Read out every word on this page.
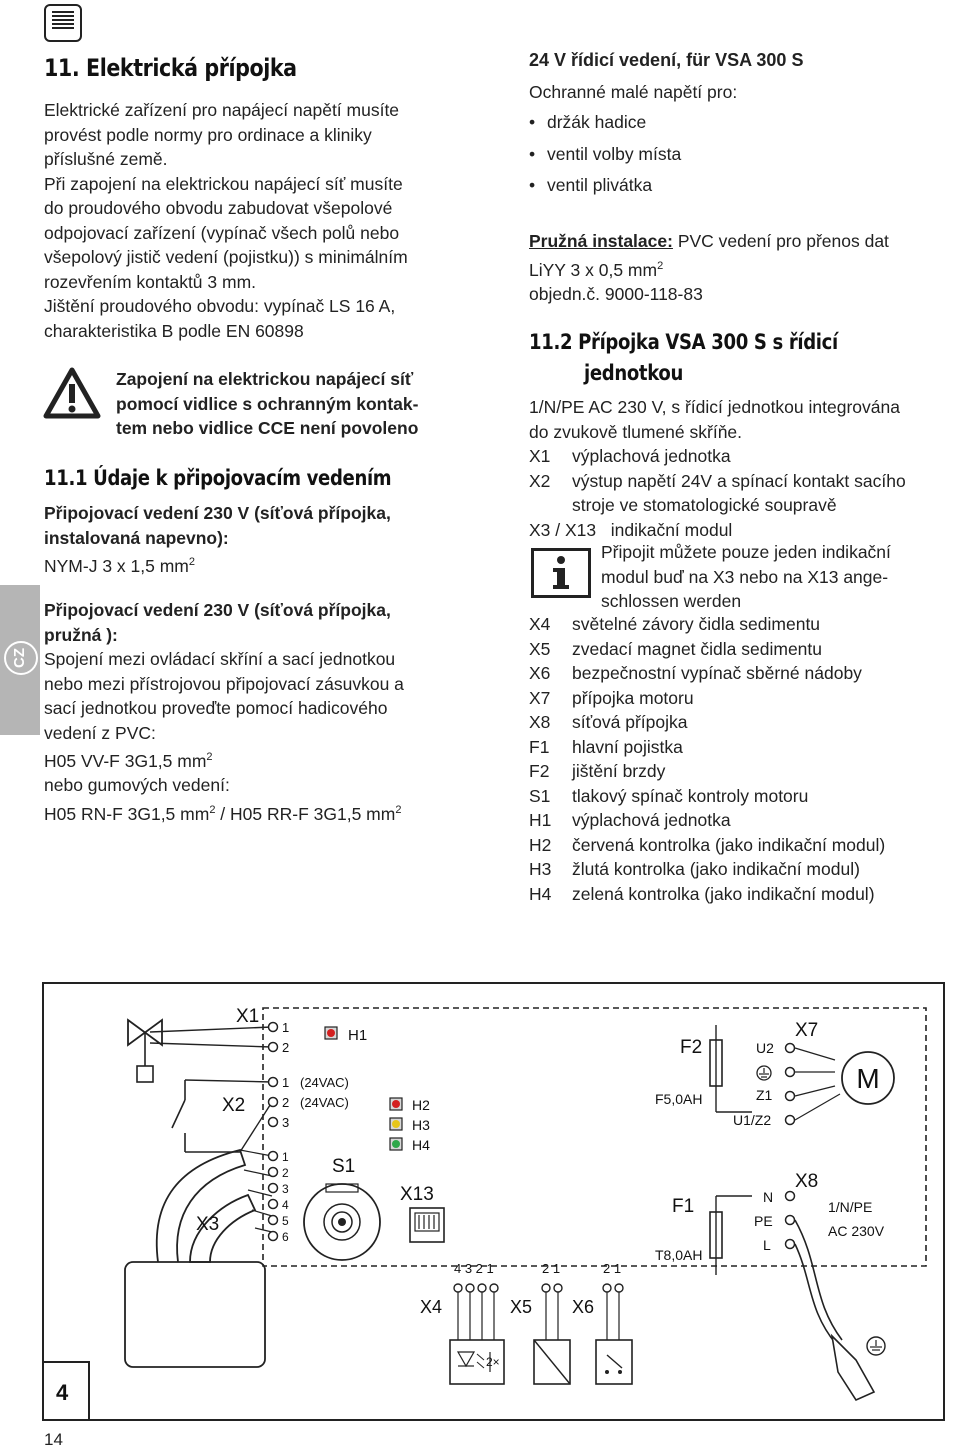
CZ
11. Elektrická přípojka
Elektrické zařízení pro napájecí napětí musíte
provést podle normy pro ordinace a kliniky
příslušné země.
Při zapojení na elektrickou napájecí síť musíte
do proudového obvodu zabudovat všepolové
odpojovací zařízení (vypínač všech polů nebo
všepolový jistič vedení (pojistku)) s minimálním
rozevřením kontaktů 3 mm.
Jištění proudového obvodu: vypínač LS 16 A,
charakteristika B podle EN 60898
Zapojení na elektrickou napájecí síť
pomocí vidlice s ochranným kontak-
tem nebo vidlice CCE není povoleno
11.1 Údaje k připojovacím vedením
Připojovací vedení 230 V (síťová přípojka,
instalovaná napevno):
NYM-J 3 x 1,5 $mm^2$
Připojovací vedení 230 V (síťová přípojka,
pružná ):
Spojení mezi ovládací skříní a sací jednotkou
nebo mezi přístrojovou připojovací zásuvkou a
sací jednotkou proveďte pomocí hadicového
vedení z PVC:
H05 VV-F 3G1,5 $mm^2$
nebo gumových vedení:
H05 RN-F 3G1,5 $mm^2 / H05$ RR-F 3G1,5 $mm^2$
24 V řídicí vedení, für VSA 300 S
Ochranné malé napětí pro:
• držák hadice
• ventil volby místa
• ventil plivátka
Pružná instalace: PVC vedení pro přenos dat
LiYY 3 x 0,5 $mm^2$
objedn.č. 9000-118-83
11.2 Přípojka VSA 300 S s řídicí
jednotkou
1/N/PE AC 230 V, s řídicí jednotkou integrována
do zvukově tlumené skříňe.
X1	výplachová jednotka
X2	výstup napětí 24V a spínací kontakt sacího
stroje ve stomatologické soupravě
X3 / X13   indikační modul
Připojit můžete pouze jeden indikační
modul buď na X3 nebo na X13 ange-
schlossen werden
X4	světelné závory čidla sedimentu
X5	zvedací magnet čidla sedimentu
X6	bezpečnostní vypínač sběrné nádoby
X7	přípojka motoru
X8	síťová přípojka
F1	hlavní pojistka
F2	jištění brzdy
S1	tlakový spínač kontroly motoru
H1	výplachová jednotka
H2	červená kontrolka (jako indikační modul)
H3	žlutá kontrolka (jako indikační modul)
H4	zelená kontrolka (jako indikační modul)
4
X1
1
2
H1
X2
1
2
3
(24VAC)
(24VAC)	H2
H3
H4
X3
1
2
3
4
5
6
S1
X13
4 3 2 1	2 1	2 1
X4	X5 X6
2×
F2
F5,0AH
U2
Z1
U1/Z2
X7
M
F1
T8,0AH
N
PE
L
X8
1/N/PE
AC 230V
14
